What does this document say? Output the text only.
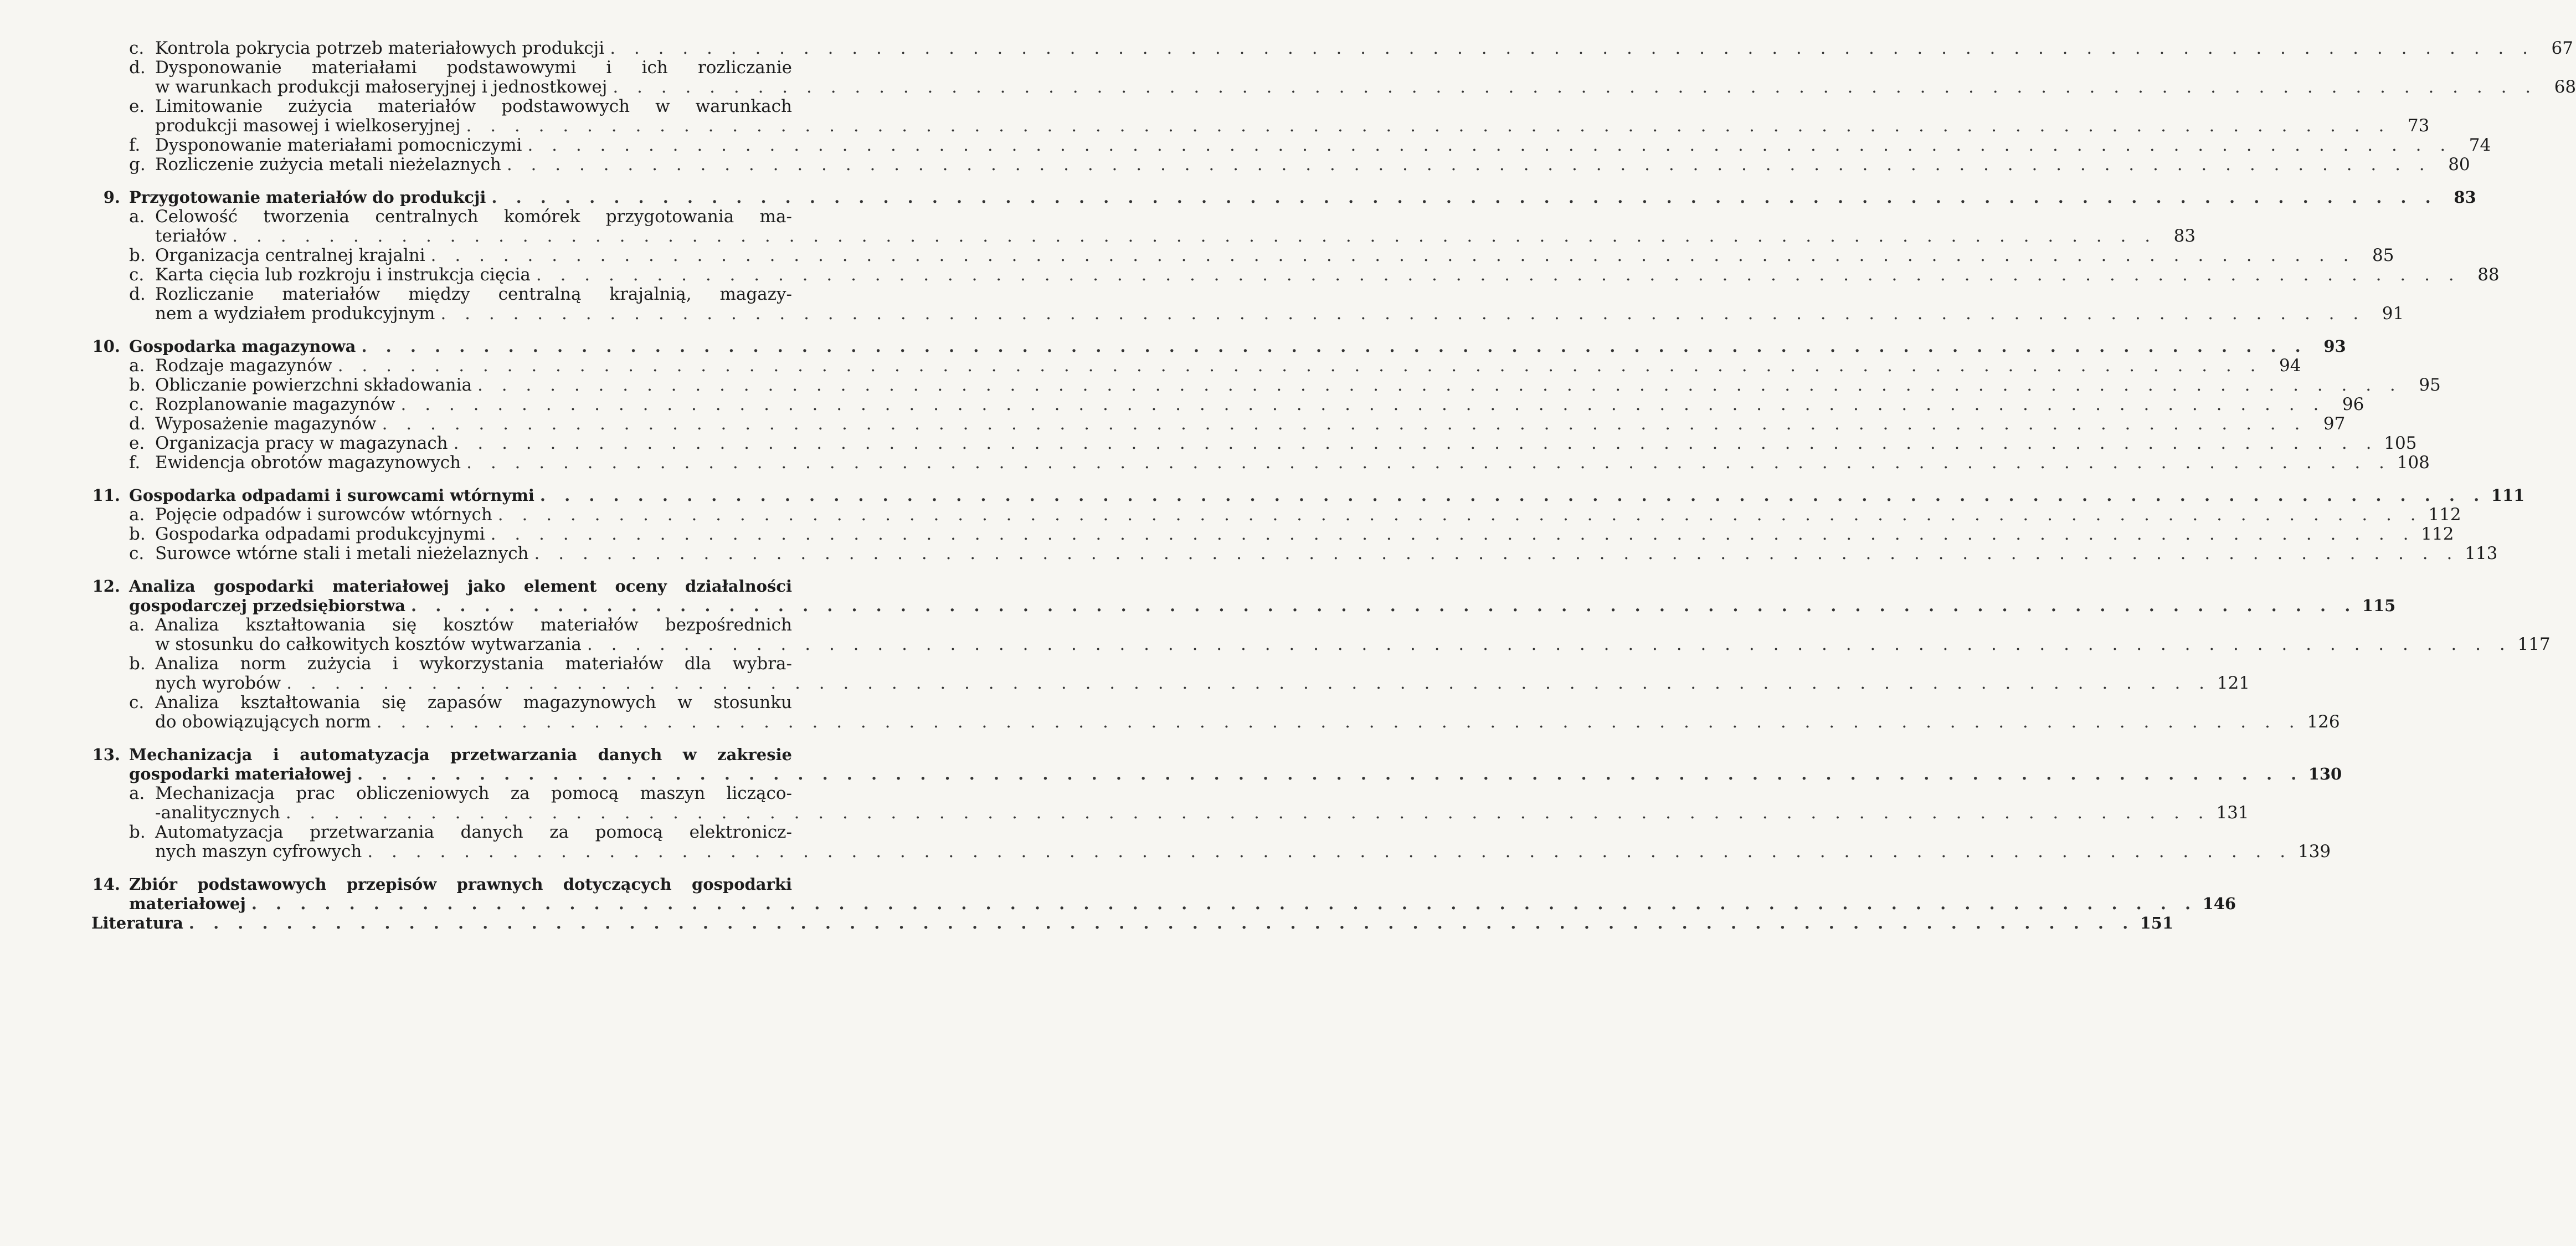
c. Kontrola pokrycia potrzeb materiałowych produkcji . . . . . . . . . . . . . . . . . . . . . . . . . . . . . . . . . . . . . . . . . . . . . . . . . . . . . . . . . . . . . . . . . . . . . . . . . . . . . . . . 67
d. Dysponowanie materiałami podstawowymi i ich rozliczanie
w warunkach produkcji małoseryjnej i jednostkowej . . . . . . . . . . . . . . . . . . . . . . . . . . . . . . . . . . . . . . . . . . . . . . . . . . . . . . . . . . . . . . . . . . . . . . . . . . . . . . . . 68
e. Limitowanie zużycia materiałów podstawowych w warunkach
produkcji masowej i wielkoseryjnej . . . . . . . . . . . . . . . . . . . . . . . . . . . . . . . . . . . . . . . . . . . . . . . . . . . . . . . . . . . . . . . . . . . . . . . . . . . . . . . . 73
f. Dysponowanie materiałami pomocniczymi . . . . . . . . . . . . . . . . . . . . . . . . . . . . . . . . . . . . . . . . . . . . . . . . . . . . . . . . . . . . . . . . . . . . . . . . . . . . . . . . 74
g. Rozliczenie zużycia metali nieżelaznych . . . . . . . . . . . . . . . . . . . . . . . . . . . . . . . . . . . . . . . . . . . . . . . . . . . . . . . . . . . . . . . . . . . . . . . . . . . . . . . . 80
9. Przygotowanie materiałów do produkcji . . . . . . . . . . . . . . . . . . . . . . . . . . . . . . . . . . . . . . . . . . . . . . . . . . . . . . . . . . . . . . . . . . . . . . . . . . . . . . . .	83
a. Celowość tworzenia centralnych komórek przygotowania ma-
teriałów . . . . . . . . . . . . . . . . . . . . . . . . . . . . . . . . . . . . . . . . . . . . . . . . . . . . . . . . . . . . . . . . . . . . . . . . . . . . . . . . 83
b. Organizacja centralnej krajalni . . . . . . . . . . . . . . . . . . . . . . . . . . . . . . . . . . . . . . . . . . . . . . . . . . . . . . . . . . . . . . . . . . . . . . . . . . . . . . . . 85
c. Karta cięcia lub rozkroju i instrukcja cięcia . . . . . . . . . . . . . . . . . . . . . . . . . . . . . . . . . . . . . . . . . . . . . . . . . . . . . . . . . . . . . . . . . . . . . . . . . . . . . . . . 88
d. Rozliczanie materiałów między centralną krajalnią, magazy-
nem a wydziałem produkcyjnym . . . . . . . . . . . . . . . . . . . . . . . . . . . . . . . . . . . . . . . . . . . . . . . . . . . . . . . . . . . . . . . . . . . . . . . . . . . . . . . . 91
10. Gospodarka magazynowa . . . . . . . . . . . . . . . . . . . . . . . . . . . . . . . . . . . . . . . . . . . . . . . . . . . . . . . . . . . . . . . . . . . . . . . . . . . . . . . .	93
a. Rodzaje magazynów . . . . . . . . . . . . . . . . . . . . . . . . . . . . . . . . . . . . . . . . . . . . . . . . . . . . . . . . . . . . . . . . . . . . . . . . . . . . . . . . 94
b. Obliczanie powierzchni składowania . . . . . . . . . . . . . . . . . . . . . . . . . . . . . . . . . . . . . . . . . . . . . . . . . . . . . . . . . . . . . . . . . . . . . . . . . . . . . . . . 95
c. Rozplanowanie magazynów . . . . . . . . . . . . . . . . . . . . . . . . . . . . . . . . . . . . . . . . . . . . . . . . . . . . . . . . . . . . . . . . . . . . . . . . . . . . . . . . 96
d. Wyposażenie magazynów . . . . . . . . . . . . . . . . . . . . . . . . . . . . . . . . . . . . . . . . . . . . . . . . . . . . . . . . . . . . . . . . . . . . . . . . . . . . . . . . 97
e. Organizacja pracy w magazynach . . . . . . . . . . . . . . . . . . . . . . . . . . . . . . . . . . . . . . . . . . . . . . . . . . . . . . . . . . . . . . . . . . . . . . . . . . . . . . . . 105
f. Ewidencja obrotów magazynowych . . . . . . . . . . . . . . . . . . . . . . . . . . . . . . . . . . . . . . . . . . . . . . . . . . . . . . . . . . . . . . . . . . . . . . . . . . . . . . . . 108
11. Gospodarka odpadami i surowcami wtórnymi . . . . . . . . . . . . . . . . . . . . . . . . . . . . . . . . . . . . . . . . . . . . . . . . . . . . . . . . . . . . . . . . . . . . . . . . . . . . . . . . 111
a. Pojęcie odpadów i surowców wtórnych . . . . . . . . . . . . . . . . . . . . . . . . . . . . . . . . . . . . . . . . . . . . . . . . . . . . . . . . . . . . . . . . . . . . . . . . . . . . . . . . 112
b. Gospodarka odpadami produkcyjnymi . . . . . . . . . . . . . . . . . . . . . . . . . . . . . . . . . . . . . . . . . . . . . . . . . . . . . . . . . . . . . . . . . . . . . . . . . . . . . . . . 112
c. Surowce wtórne stali i metali nieżelaznych . . . . . . . . . . . . . . . . . . . . . . . . . . . . . . . . . . . . . . . . . . . . . . . . . . . . . . . . . . . . . . . . . . . . . . . . . . . . . . . . 113
12. Analiza gospodarki materiałowej jako element oceny działalności
gospodarczej przedsiębiorstwa . . . . . . . . . . . . . . . . . . . . . . . . . . . . . . . . . . . . . . . . . . . . . . . . . . . . . . . . . . . . . . . . . . . . . . . . . . . . . . . . 115
a. Analiza kształtowania się kosztów materiałów bezpośrednich
w stosunku do całkowitych kosztów wytwarzania . . . . . . . . . . . . . . . . . . . . . . . . . . . . . . . . . . . . . . . . . . . . . . . . . . . . . . . . . . . . . . . . . . . . . . . . . . . . . . . . 117
b. Analiza norm zużycia i wykorzystania materiałów dla wybra-
nych wyrobów . . . . . . . . . . . . . . . . . . . . . . . . . . . . . . . . . . . . . . . . . . . . . . . . . . . . . . . . . . . . . . . . . . . . . . . . . . . . . . . . 121
c. Analiza kształtowania się zapasów magazynowych w stosunku
do obowiązujących norm . . . . . . . . . . . . . . . . . . . . . . . . . . . . . . . . . . . . . . . . . . . . . . . . . . . . . . . . . . . . . . . . . . . . . . . . . . . . . . . . 126
13. Mechanizacja i automatyzacja przetwarzania danych w zakresie
gospodarki materiałowej . . . . . . . . . . . . . . . . . . . . . . . . . . . . . . . . . . . . . . . . . . . . . . . . . . . . . . . . . . . . . . . . . . . . . . . . . . . . . . . . 130
a. Mechanizacja prac obliczeniowych za pomocą maszyn licząco-
-analitycznych . . . . . . . . . . . . . . . . . . . . . . . . . . . . . . . . . . . . . . . . . . . . . . . . . . . . . . . . . . . . . . . . . . . . . . . . . . . . . . . . 131
b. Automatyzacja przetwarzania danych za pomocą elektronicz-
nych maszyn cyfrowych . . . . . . . . . . . . . . . . . . . . . . . . . . . . . . . . . . . . . . . . . . . . . . . . . . . . . . . . . . . . . . . . . . . . . . . . . . . . . . . . 139
14. Zbiór podstawowych przepisów prawnych dotyczących gospodarki
materiałowej . . . . . . . . . . . . . . . . . . . . . . . . . . . . . . . . . . . . . . . . . . . . . . . . . . . . . . . . . . . . . . . . . . . . . . . . . . . . . . . . 146
Literatura . . . . . . . . . . . . . . . . . . . . . . . . . . . . . . . . . . . . . . . . . . . . . . . . . . . . . . . . . . . . . . . . . . . . . . . . . . . . . . . . 151
